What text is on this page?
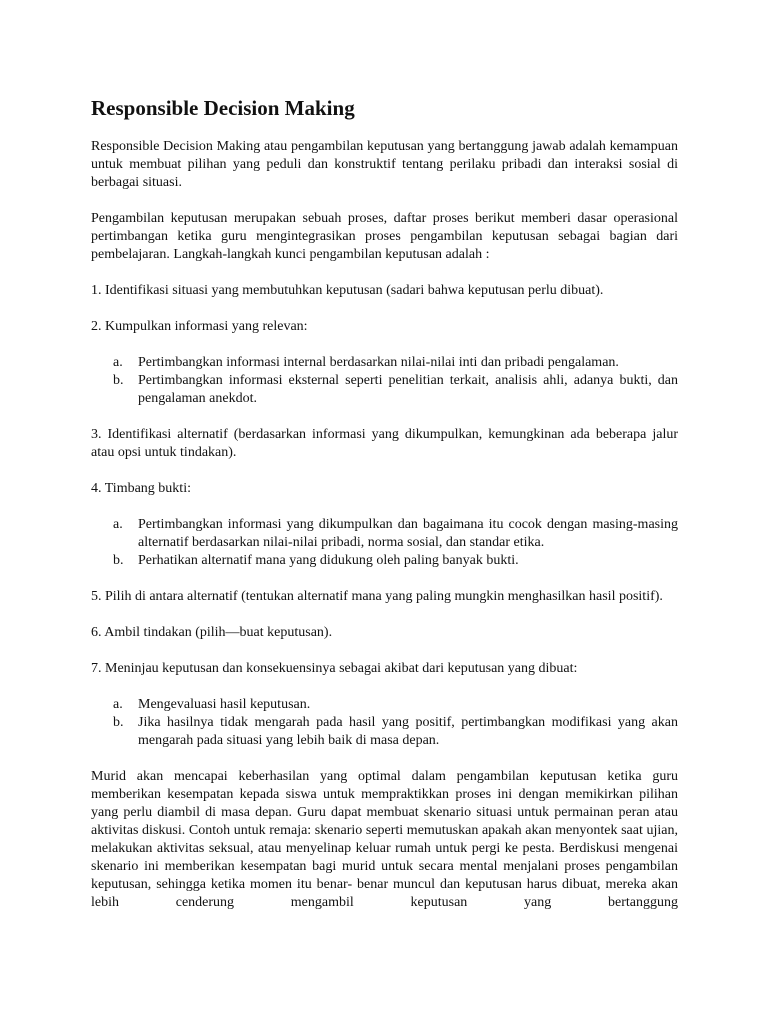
Responsible Decision Making

Responsible Decision Making atau pengambilan keputusan yang bertanggung jawab adalah kemampuan untuk membuat pilihan yang peduli dan konstruktif tentang perilaku pribadi dan interaksi sosial di berbagai situasi.

Pengambilan keputusan merupakan sebuah proses, daftar proses berikut memberi dasar operasional pertimbangan ketika guru mengintegrasikan proses pengambilan keputusan sebagai bagian dari pembelajaran. Langkah-langkah kunci pengambilan keputusan adalah :

1. Identifikasi situasi yang membutuhkan keputusan (sadari bahwa keputusan perlu dibuat).

2. Kumpulkan informasi yang relevan:

a. Pertimbangkan informasi internal berdasarkan nilai-nilai inti dan pribadi pengalaman.
b. Pertimbangkan informasi eksternal seperti penelitian terkait, analisis ahli, adanya bukti, dan pengalaman anekdot.

3. Identifikasi alternatif (berdasarkan informasi yang dikumpulkan, kemungkinan ada beberapa jalur atau opsi untuk tindakan).

4. Timbang bukti:

a. Pertimbangkan informasi yang dikumpulkan dan bagaimana itu cocok dengan masing-masing alternatif berdasarkan nilai-nilai pribadi, norma sosial, dan standar etika.
b. Perhatikan alternatif mana yang didukung oleh paling banyak bukti.

5. Pilih di antara alternatif (tentukan alternatif mana yang paling mungkin menghasilkan hasil positif).

6. Ambil tindakan (pilih—buat keputusan).

7. Meninjau keputusan dan konsekuensinya sebagai akibat dari keputusan yang dibuat:

a. Mengevaluasi hasil keputusan.
b. Jika hasilnya tidak mengarah pada hasil yang positif, pertimbangkan modifikasi yang akan mengarah pada situasi yang lebih baik di masa depan.

Murid akan mencapai keberhasilan yang optimal dalam pengambilan keputusan ketika guru memberikan kesempatan kepada siswa untuk mempraktikkan proses ini dengan memikirkan pilihan yang perlu diambil di masa depan. Guru dapat membuat skenario situasi untuk permainan peran atau aktivitas diskusi. Contoh untuk remaja: skenario seperti memutuskan apakah akan menyontek saat ujian, melakukan aktivitas seksual, atau menyelinap keluar rumah untuk pergi ke pesta. Berdiskusi mengenai skenario ini memberikan kesempatan bagi murid untuk secara mental menjalani proses pengambilan keputusan, sehingga ketika momen itu benar- benar muncul dan keputusan harus dibuat, mereka akan lebih cenderung mengambil keputusan yang bertanggung
